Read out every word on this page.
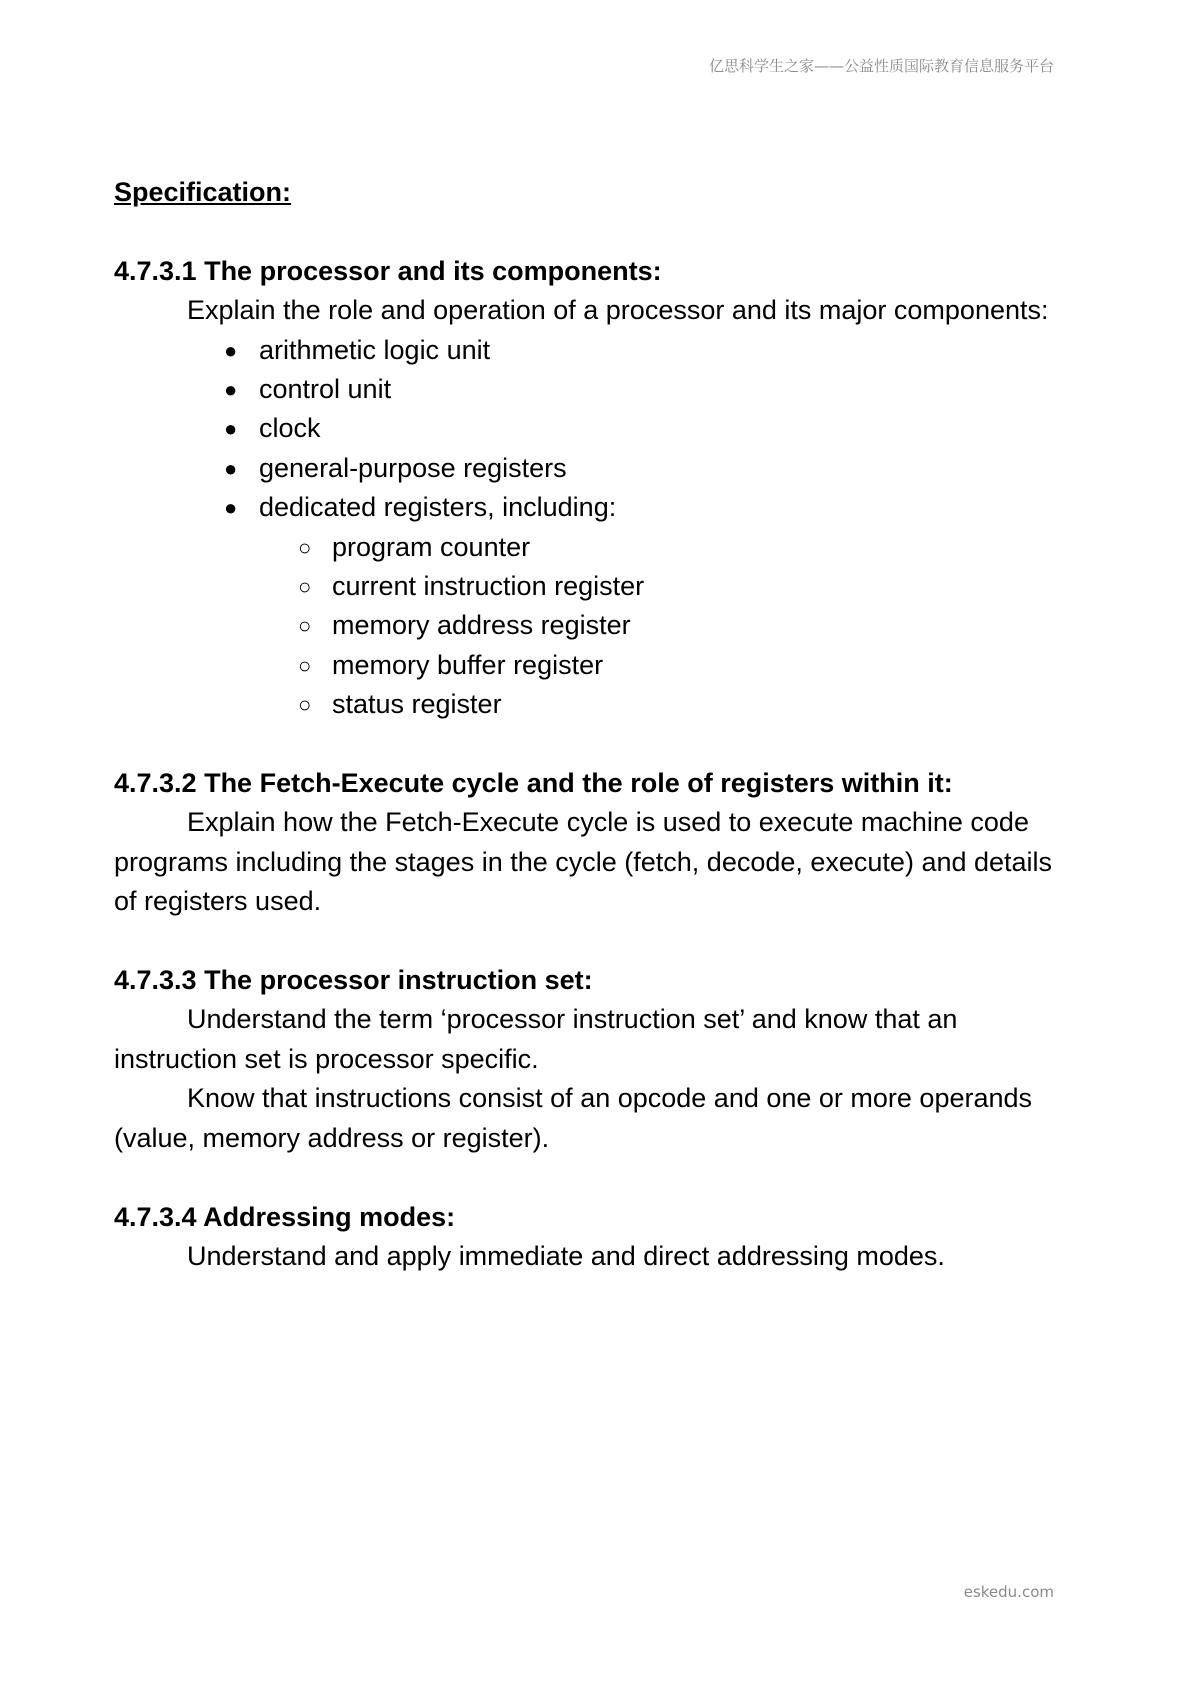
亿思科学生之家——公益性质国际教育信息服务平台

Specification:

4.7.3.1 The processor and its components:

Explain the role and operation of a processor and its major components:

● arithmetic logic unit
● control unit
● clock
● general-purpose registers
● dedicated registers, including:
○ program counter
○ current instruction register
○ memory address register
○ memory buffer register
○ status register

4.7.3.2 The Fetch-Execute cycle and the role of registers within it:

Explain how the Fetch-Execute cycle is used to execute machine code programs including the stages in the cycle (fetch, decode, execute) and details of registers used.

4.7.3.3 The processor instruction set:

Understand the term ‘processor instruction set’ and know that an instruction set is processor specific.

Know that instructions consist of an opcode and one or more operands (value, memory address or register).

4.7.3.4 Addressing modes:

Understand and apply immediate and direct addressing modes.

eskedu.com
